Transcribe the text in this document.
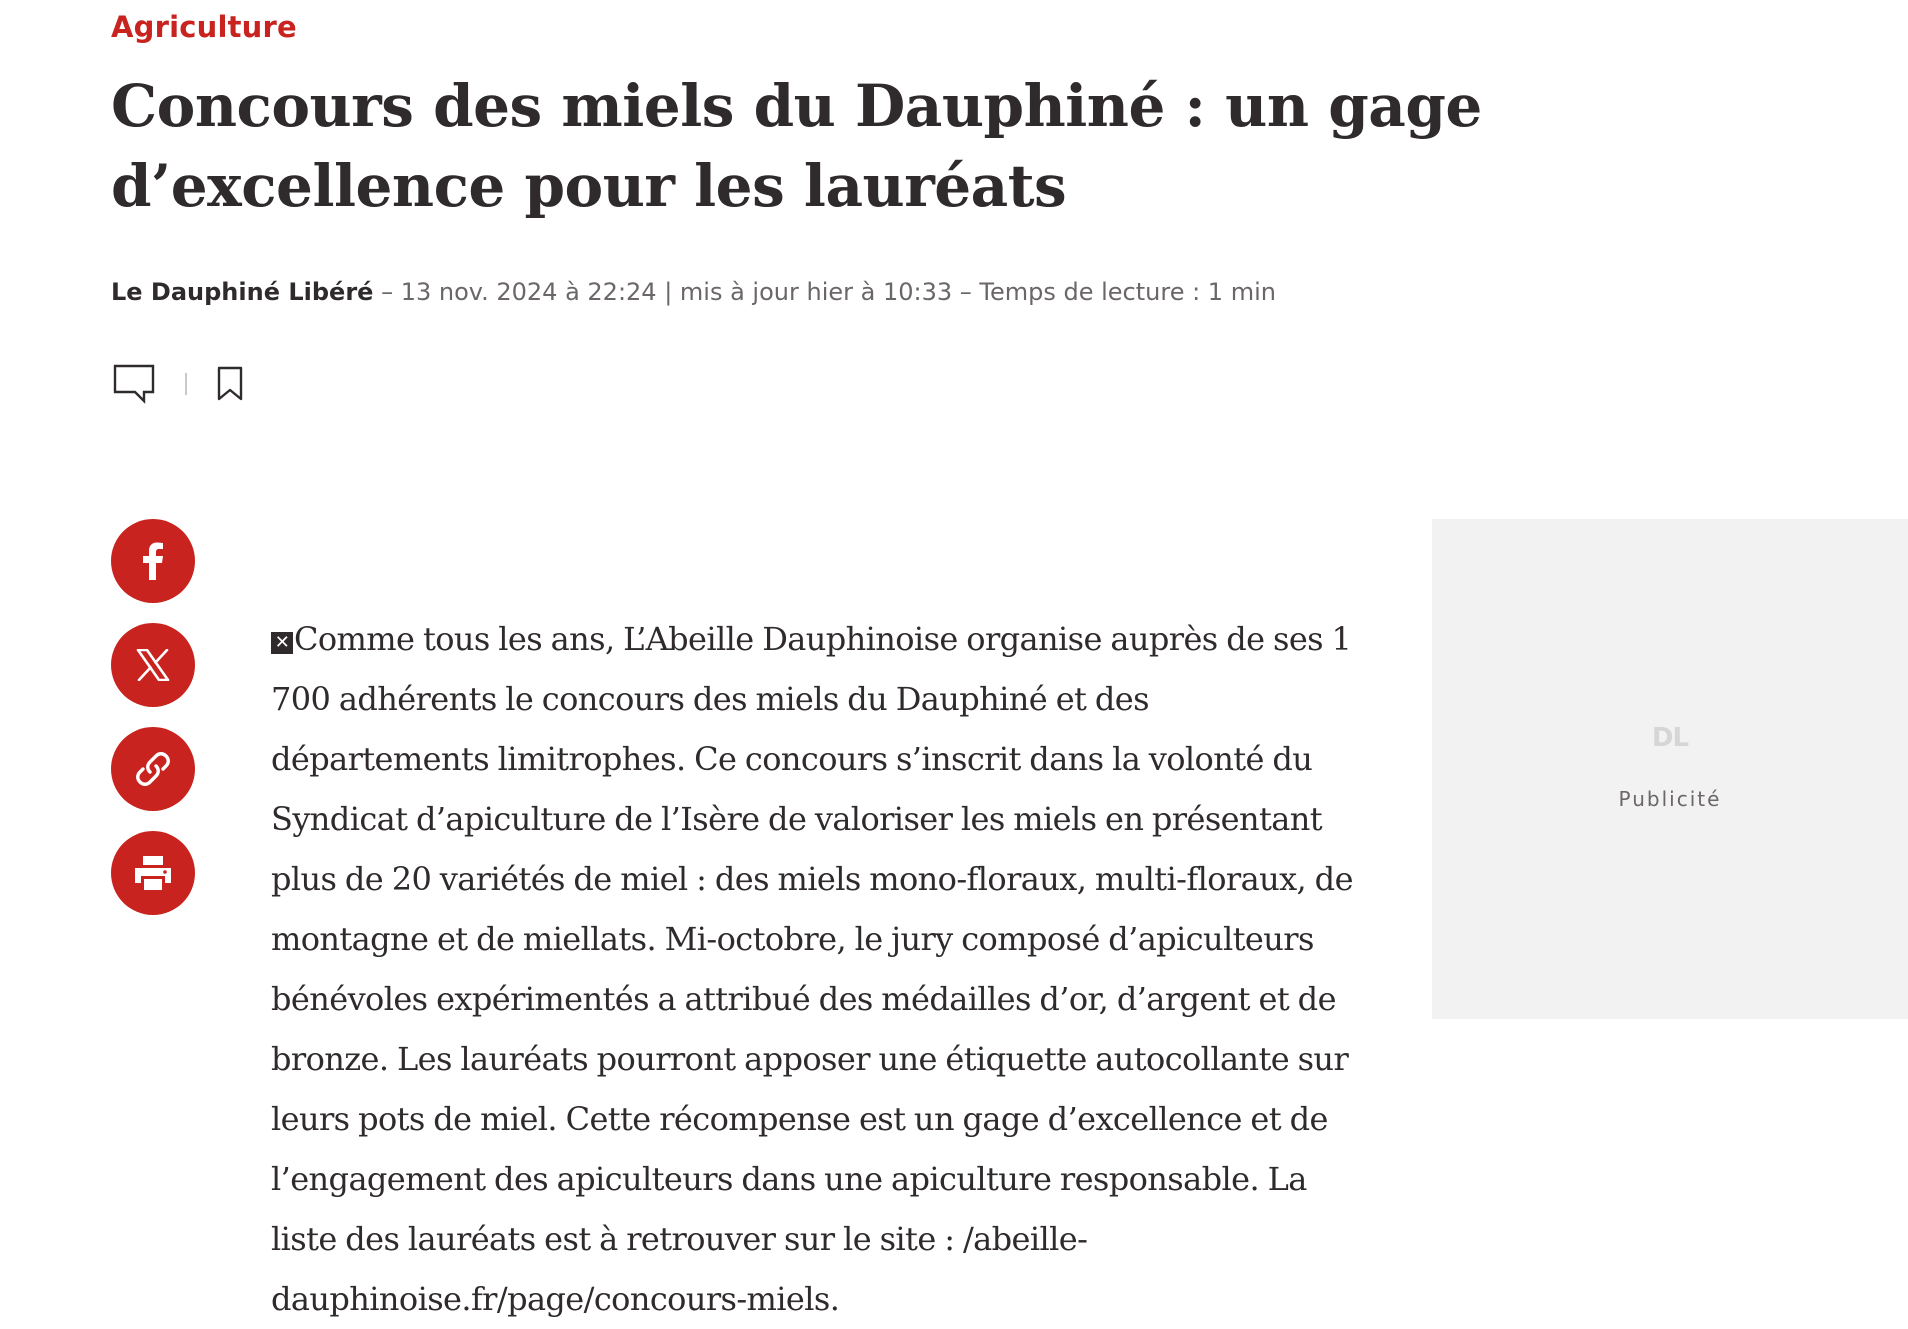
Agriculture
Concours des miels du Dauphiné : un gage d’excellence pour les lauréats
Le Dauphiné Libéré – 13 nov. 2024 à 22:24 | mis à jour hier à 10:33 – Temps de lecture : 1 min

✕ Comme tous les ans, L’Abeille Dauphinoise organise auprès de ses 1 700 adhérents le concours des miels du Dauphiné et des départements limitrophes. Ce concours s’inscrit dans la volonté du Syndicat d’apiculture de l’Isère de valoriser les miels en présentant plus de 20 variétés de miel : des miels mono-floraux, multi-floraux, de montagne et de miellats. Mi-octobre, le jury composé d’apiculteurs bénévoles expérimentés a attribué des médailles d’or, d’argent et de bronze. Les lauréats pourront apposer une étiquette autocollante sur leurs pots de miel. Cette récompense est un gage d’excellence et de l’engagement des apiculteurs dans une apiculture responsable. La liste des lauréats est à retrouver sur le site : /abeille-dauphinoise.fr/page/concours-miels.

DL
Publicité
